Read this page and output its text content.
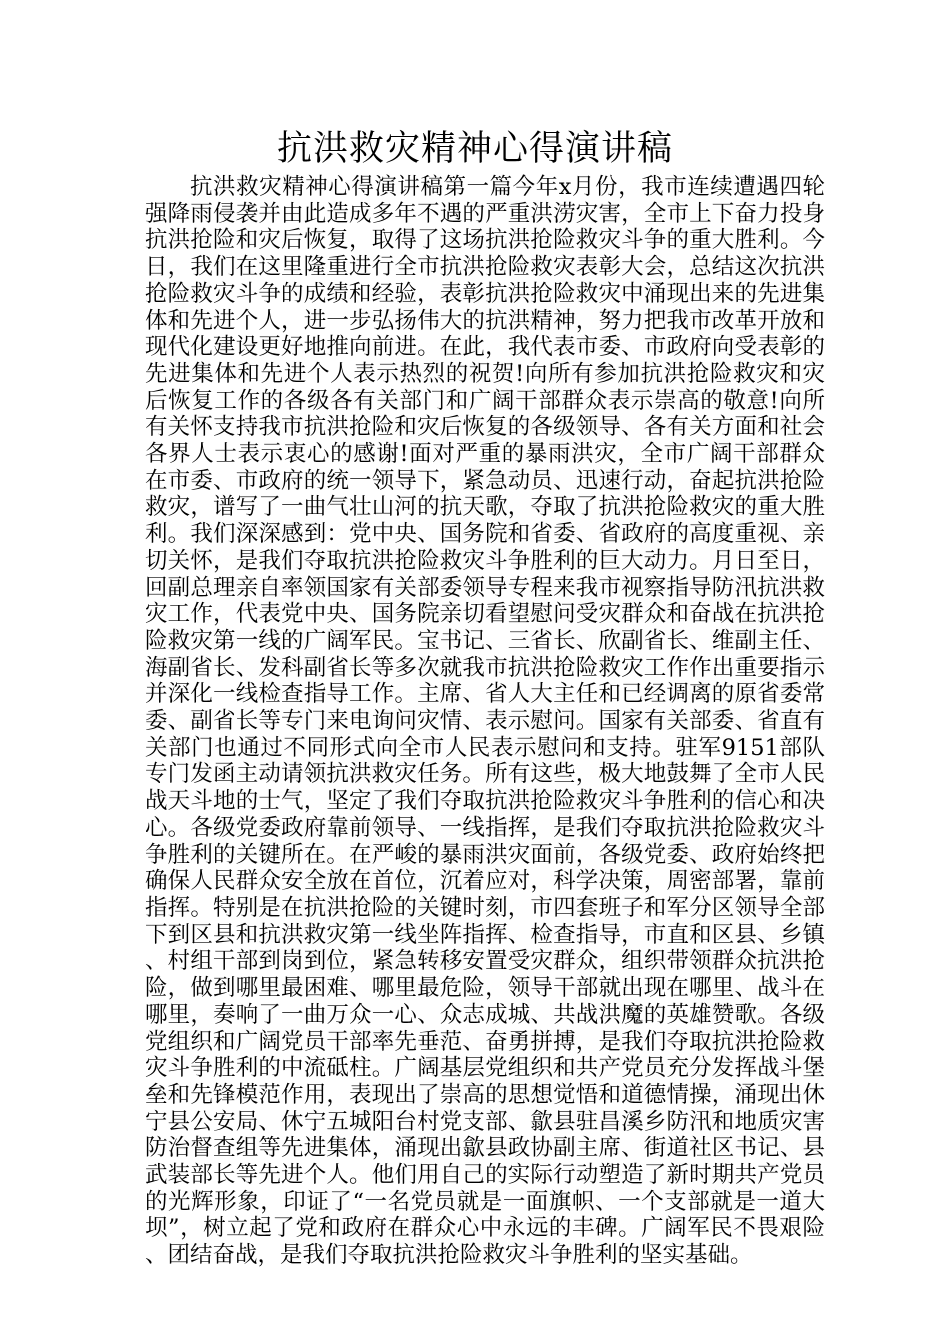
抗洪救灾精神心得演讲稿

抗洪救灾精神心得演讲稿第一篇今年x月份，我市连续遭遇四轮强降雨侵袭并由此造成多年不遇的严重洪涝灾害，全市上下奋力投身抗洪抢险和灾后恢复，取得了这场抗洪抢险救灾斗争的重大胜利。今日，我们在这里隆重进行全市抗洪抢险救灾表彰大会，总结这次抗洪抢险救灾斗争的成绩和经验，表彰抗洪抢险救灾中涌现出来的先进集体和先进个人，进一步弘扬伟大的抗洪精神，努力把我市改革开放和现代化建设更好地推向前进。在此，我代表市委、市政府向受表彰的先进集体和先进个人表示热烈的祝贺!向所有参加抗洪抢险救灾和灾后恢复工作的各级各有关部门和广阔干部群众表示崇高的敬意!向所有关怀支持我市抗洪抢险和灾后恢复的各级领导、各有关方面和社会各界人士表示衷心的感谢!面对严重的暴雨洪灾，全市广阔干部群众在市委、市政府的统一领导下，紧急动员、迅速行动，奋起抗洪抢险救灾，谱写了一曲气壮山河的抗天歌，夺取了抗洪抢险救灾的重大胜利。我们深深感到：党中央、国务院和省委、省政府的高度重视、亲切关怀，是我们夺取抗洪抢险救灾斗争胜利的巨大动力。月日至日，回副总理亲自率领国家有关部委领导专程来我市视察指导防汛抗洪救灾工作，代表党中央、国务院亲切看望慰问受灾群众和奋战在抗洪抢险救灾第一线的广阔军民。宝书记、三省长、欣副省长、维副主任、海副省长、发科副省长等多次就我市抗洪抢险救灾工作作出重要指示并深化一线检查指导工作。主席、省人大主任和已经调离的原省委常委、副省长等专门来电询问灾情、表示慰问。国家有关部委、省直有关部门也通过不同形式向全市人民表示慰问和支持。驻军9151部队专门发函主动请领抗洪救灾任务。所有这些，极大地鼓舞了全市人民战天斗地的士气，坚定了我们夺取抗洪抢险救灾斗争胜利的信心和决心。各级党委政府靠前领导、一线指挥，是我们夺取抗洪抢险救灾斗争胜利的关键所在。在严峻的暴雨洪灾面前，各级党委、政府始终把确保人民群众安全放在首位，沉着应对，科学决策，周密部署，靠前指挥。特别是在抗洪抢险的关键时刻，市四套班子和军分区领导全部下到区县和抗洪救灾第一线坐阵指挥、检查指导，市直和区县、乡镇、村组干部到岗到位，紧急转移安置受灾群众，组织带领群众抗洪抢险，做到哪里最困难、哪里最危险，领导干部就出现在哪里、战斗在哪里，奏响了一曲万众一心、众志成城、共战洪魔的英雄赞歌。各级党组织和广阔党员干部率先垂范、奋勇拼搏，是我们夺取抗洪抢险救灾斗争胜利的中流砥柱。广阔基层党组织和共产党员充分发挥战斗堡垒和先锋模范作用，表现出了崇高的思想觉悟和道德情操，涌现出休宁县公安局、休宁五城阳台村党支部、歙县驻昌溪乡防汛和地质灾害防治督查组等先进集体，涌现出歙县政协副主席、街道社区书记、县武装部长等先进个人。他们用自己的实际行动塑造了新时期共产党员的光辉形象，印证了“一名党员就是一面旗帜、一个支部就是一道大坝”，树立起了党和政府在群众心中永远的丰碑。广阔军民不畏艰险、团结奋战，是我们夺取抗洪抢险救灾斗争胜利的坚实基础。
